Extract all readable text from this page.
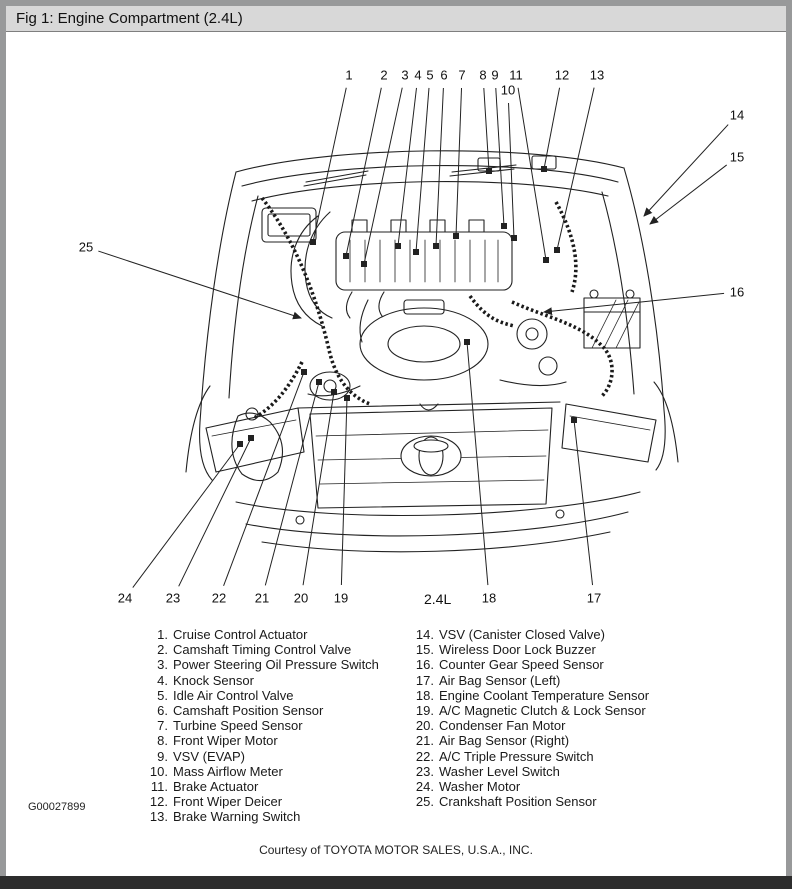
1 2 3 4 5 6 7 8 9
10
11 12 13
14
15
16
17
18
19
20
21
22
23
24
25
Fig 1: Engine Compartment (2.4L)
2.4L
1. Cruise Control Actuator
2. Camshaft Timing Control Valve
3. Power Steering Oil Pressure Switch
4. Knock Sensor
5. Idle Air Control Valve
6. Camshaft Position Sensor
7. Turbine Speed Sensor
8. Front Wiper Motor
9. VSV (EVAP)
10. Mass Airflow Meter
11. Brake Actuator
12. Front Wiper Deicer
13. Brake Warning Switch
14. VSV (Canister Closed Valve)
15. Wireless Door Lock Buzzer
16. Counter Gear Speed Sensor
17. Air Bag Sensor (Left)
18. Engine Coolant Temperature Sensor
19. A/C Magnetic Clutch & Lock Sensor
20. Condenser Fan Motor
21. Air Bag Sensor (Right)
22. A/C Triple Pressure Switch
23. Washer Level Switch
24. Washer Motor
25. Crankshaft Position Sensor
G00027899
Courtesy of TOYOTA MOTOR SALES, U.S.A., INC.
